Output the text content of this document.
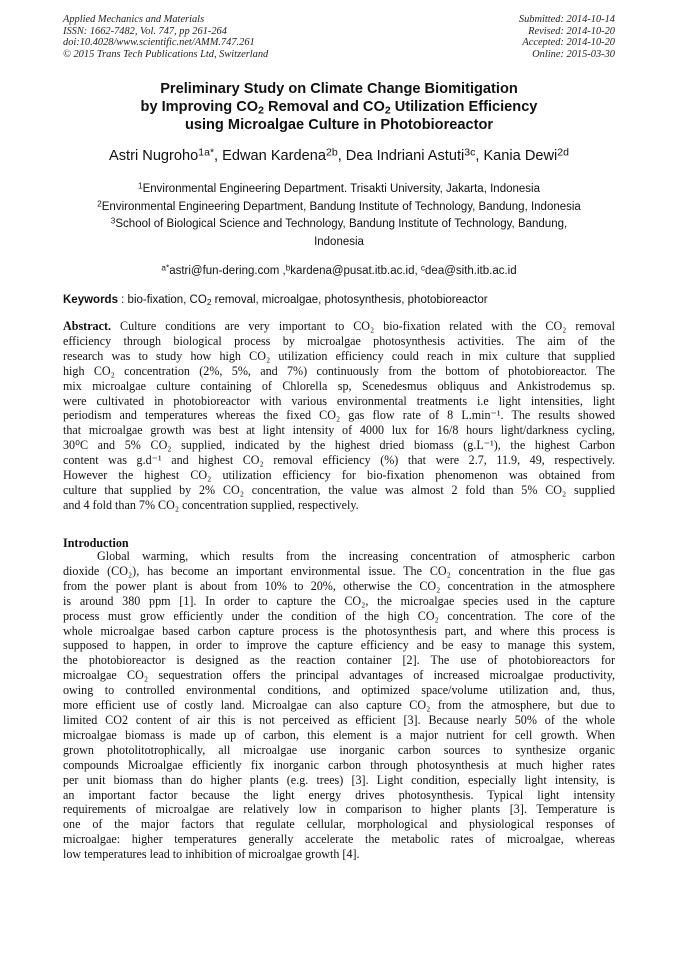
Applied Mechanics and Materials
ISSN: 1662-7482, Vol. 747, pp 261-264
doi:10.4028/www.scientific.net/AMM.747.261
© 2015 Trans Tech Publications Ltd, Switzerland
Submitted: 2014-10-14
Revised: 2014-10-20
Accepted: 2014-10-20
Online: 2015-03-30
Preliminary Study on Climate Change Biomitigation
by Improving $CO_2$ Removal and $CO_2$ Utilization Efficiency
using Microalgae Culture in Photobioreactor
Astri Nugroho$^{1a*}$, Edwan Kardena$^{2b}$, Dea Indriani Astuti$^{3c}$, Kania Dewi$^{2d}$
$^1$Environmental Engineering Department. Trisakti University, Jakarta, Indonesia
$^2$Environmental Engineering Department, Bandung Institute of Technology, Bandung, Indonesia
$^3$School of Biological Science and Technology, Bandung Institute of Technology, Bandung,
Indonesia
$^{a*}$astri@fun-dering.com ,$^b$kardena@pusat.itb.ac.id, $^c$dea@sith.itb.ac.id
Keywords : bio-fixation, $CO_2$ removal, microalgae, photosynthesis, photobioreactor
Abstract. Culture conditions are very important to CO₂ bio-fixation related with the CO₂ removal
efficiency through biological process by microalgae photosynthesis activities. The aim of the
research was to study how high CO₂ utilization efficiency could reach in mix culture that supplied
high CO₂ concentration (2%, 5%, and 7%) continuously from the bottom of photobioreactor. The
mix microalgae culture containing of Chlorella sp, Scenedesmus obliquus and Ankistrodemus sp.
were cultivated in photobioreactor with various environmental treatments i.e light intensities, light
periodism and temperatures whereas the fixed CO₂ gas flow rate of 8 L.min⁻¹. The results showed
that microalgae growth was best at light intensity of 4000 lux for 16/8 hours light/darkness cycling,
30⁰C and 5% CO₂ supplied, indicated by the highest dried biomass (g.L⁻¹), the highest Carbon
content was g.d⁻¹ and highest CO₂ removal efficiency (%) that were 2.7, 11.9, 49, respectively.
However the highest CO₂ utilization efficiency for bio-fixation phenomenon was obtained from
culture that supplied by 2% CO₂ concentration, the value was almost 2 fold than 5% CO₂ supplied
and 4 fold than 7% CO₂ concentration supplied, respectively.
Introduction
Global warming, which results from the increasing concentration of atmospheric carbon
dioxide (CO₂), has become an important environmental issue. The CO₂ concentration in the flue gas
from the power plant is about from 10% to 20%, otherwise the CO₂ concentration in the atmosphere
is around 380 ppm [1]. In order to capture the CO₂, the microalgae species used in the capture
process must grow efficiently under the condition of the high CO₂ concentration. The core of the
whole microalgae based carbon capture process is the photosynthesis part, and where this process is
supposed to happen, in order to improve the capture efficiency and be easy to manage this system,
the photobioreactor is designed as the reaction container [2]. The use of photobioreactors for
microalgae CO₂ sequestration offers the principal advantages of increased microalgae productivity,
owing to controlled environmental conditions, and optimized space/volume utilization and, thus,
more efficient use of costly land. Microalgae can also capture CO₂ from the atmosphere, but due to
limited CO2 content of air this is not perceived as efficient [3]. Because nearly 50% of the whole
microalgae biomass is made up of carbon, this element is a major nutrient for cell growth. When
grown photolitotrophically, all microalgae use inorganic carbon sources to synthesize organic
compounds Microalgae efficiently fix inorganic carbon through photosynthesis at much higher rates
per unit biomass than do higher plants (e.g. trees) [3]. Light condition, especially light intensity, is
an important factor because the light energy drives photosynthesis. Typical light intensity
requirements of microalgae are relatively low in comparison to higher plants [3]. Temperature is
one of the major factors that regulate cellular, morphological and physiological responses of
microalgae: higher temperatures generally accelerate the metabolic rates of microalgae, whereas
low temperatures lead to inhibition of microalgae growth [4].
